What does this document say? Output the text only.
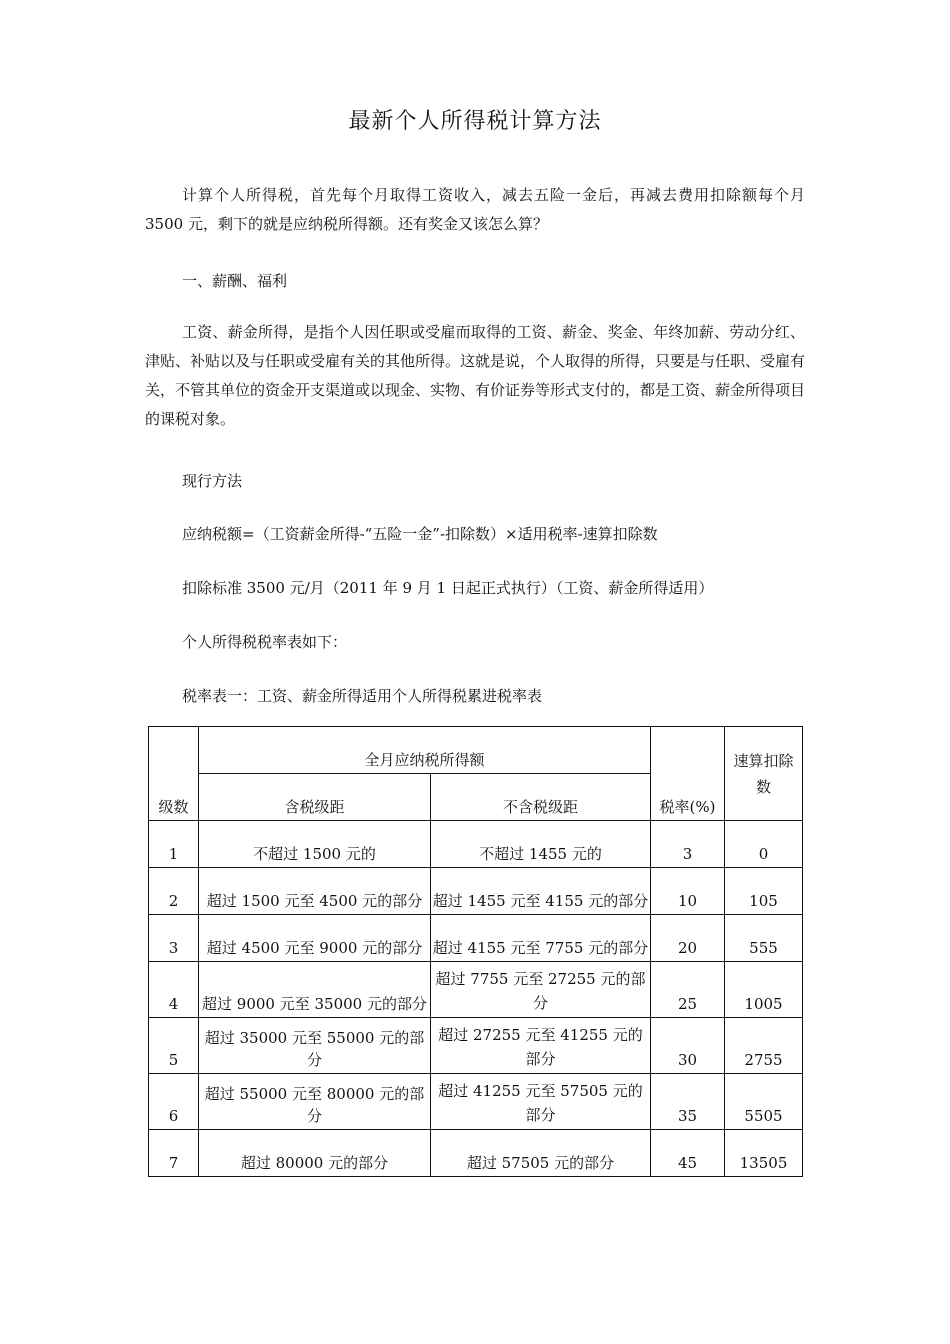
最新个人所得税计算方法
计算个人所得税，首先每个月取得工资收入，减去五险一金后，再减去费用扣除额每个月 3500 元，剩下的就是应纳税所得额。还有奖金又该怎么算？
一、薪酬、福利
工资、薪金所得，是指个人因任职或受雇而取得的工资、薪金、奖金、年终加薪、劳动分红、津贴、补贴以及与任职或受雇有关的其他所得。这就是说，个人取得的所得，只要是与任职、受雇有关，不管其单位的资金开支渠道或以现金、实物、有价证券等形式支付的，都是工资、薪金所得项目的课税对象。
现行方法
应纳税额=（工资薪金所得-“五险一金”-扣除数）×适用税率-速算扣除数
扣除标准 3500 元/月（2011 年 9 月 1 日起正式执行）（工资、薪金所得适用）
个人所得税税率表如下：
税率表一：工资、薪金所得适用个人所得税累进税率表
级数	全月应纳税所得额		税率(%)	速算扣除数

	含税级距	不含税级距		
1	不超过 1500 元的	不超过 1455 元的	3	0
2	超过 1500 元至 4500 元的部分	超过 1455 元至 4155 元的部分	10	105
3	超过 4500 元至 9000 元的部分	超过 4155 元至 7755 元的部分	20	555
4	超过 9000 元至 35000 元的部分	超过 7755 元至 27255 元的部分	25	1005
5	超过 35000 元至 55000 元的部分	超过 27255 元至 41255 元的部分	30	2755
6	超过 55000 元至 80000 元的部分	超过 41255 元至 57505 元的部分	35	5505
7	超过 80000 元的部分	超过 57505 元的部分	45	13505
